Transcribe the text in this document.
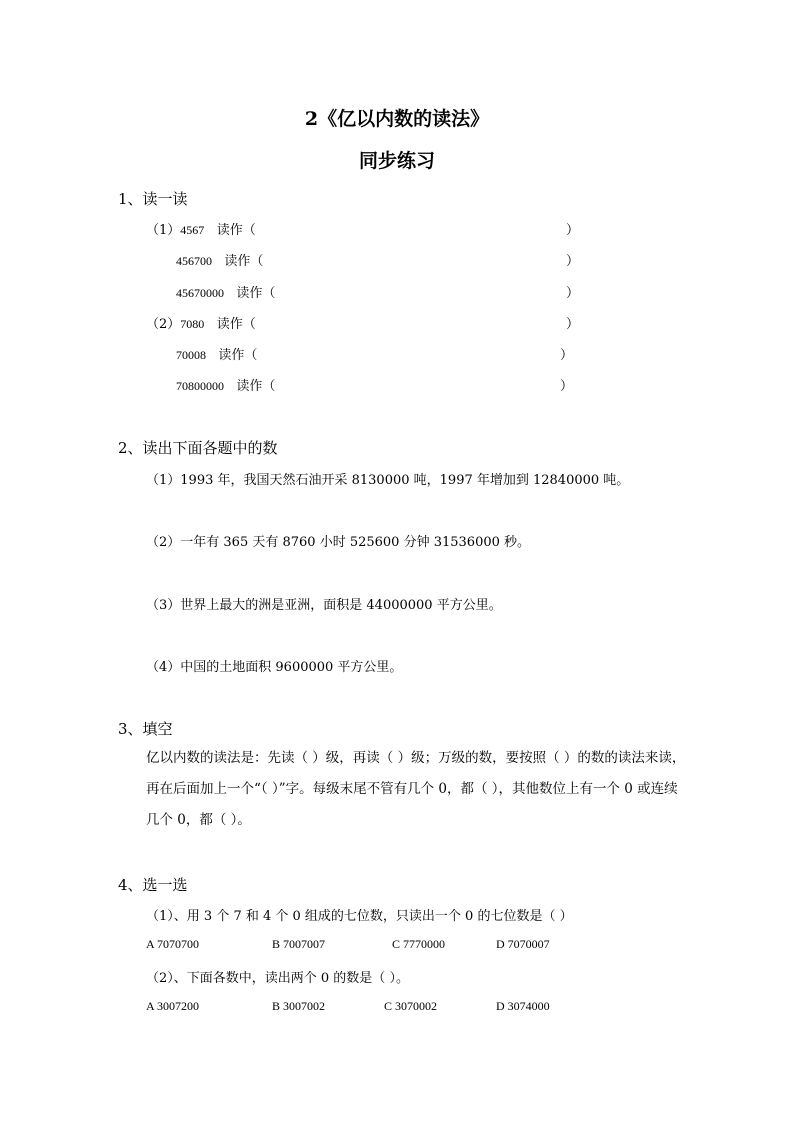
2《亿以内数的读法》
同步练习
1、读一读
（1）4567 读作（	）
456700 读作（	）
45670000 读作（	）
（2）7080 读作（	）
70008 读作（	）
70800000 读作（	）
2、读出下面各题中的数
（1）1993 年，我国天然石油开采 8130000 吨，1997 年增加到 12840000 吨。
（2）一年有 365 天有 8760 小时 525600 分钟 31536000 秒。
（3）世界上最大的洲是亚洲，面积是 44000000 平方公里。
（4）中国的土地面积 9600000 平方公里。
3、填空
亿以内数的读法是：先读（ ）级，再读（ ）级；万级的数，要按照（ ）的数的读法来读，再在后面加上一个“（ ）”字。每级末尾不管有几个 0，都（ ），其他数位上有一个 0 或连续几个 0，都（ ）。
4、选一选
（1）、用 3 个 7 和 4 个 0 组成的七位数，只读出一个 0 的七位数是（ ）
A 7070700	B 7007007	C 7770000	D 7070007
（2）、下面各数中，读出两个 0 的数是（ ）。
A 3007200	B 3007002	C 3070002	D 3074000
